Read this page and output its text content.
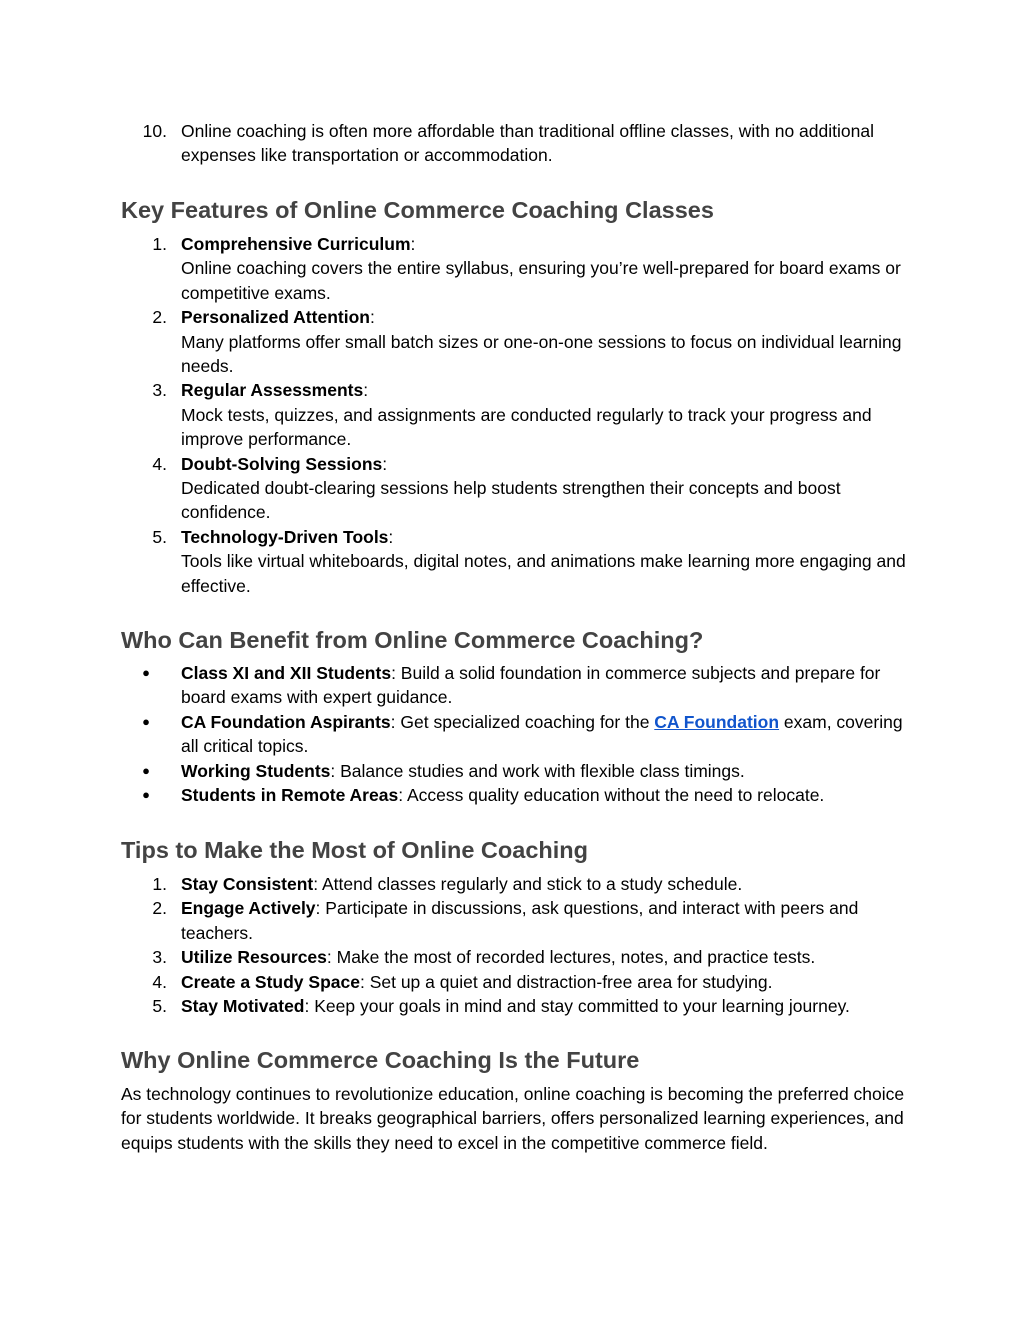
10. Online coaching is often more affordable than traditional offline classes, with no additional expenses like transportation or accommodation.
Key Features of Online Commerce Coaching Classes
1. Comprehensive Curriculum:
Online coaching covers the entire syllabus, ensuring you’re well-prepared for board exams or competitive exams.
2. Personalized Attention:
Many platforms offer small batch sizes or one-on-one sessions to focus on individual learning needs.
3. Regular Assessments:
Mock tests, quizzes, and assignments are conducted regularly to track your progress and improve performance.
4. Doubt-Solving Sessions:
Dedicated doubt-clearing sessions help students strengthen their concepts and boost confidence.
5. Technology-Driven Tools:
Tools like virtual whiteboards, digital notes, and animations make learning more engaging and effective.
Who Can Benefit from Online Commerce Coaching?
● Class XI and XII Students: Build a solid foundation in commerce subjects and prepare for board exams with expert guidance.
● CA Foundation Aspirants: Get specialized coaching for the CA Foundation exam, covering all critical topics.
● Working Students: Balance studies and work with flexible class timings.
● Students in Remote Areas: Access quality education without the need to relocate.
Tips to Make the Most of Online Coaching
1. Stay Consistent: Attend classes regularly and stick to a study schedule.
2. Engage Actively: Participate in discussions, ask questions, and interact with peers and teachers.
3. Utilize Resources: Make the most of recorded lectures, notes, and practice tests.
4. Create a Study Space: Set up a quiet and distraction-free area for studying.
5. Stay Motivated: Keep your goals in mind and stay committed to your learning journey.
Why Online Commerce Coaching Is the Future
As technology continues to revolutionize education, online coaching is becoming the preferred choice for students worldwide. It breaks geographical barriers, offers personalized learning experiences, and equips students with the skills they need to excel in the competitive commerce field.
